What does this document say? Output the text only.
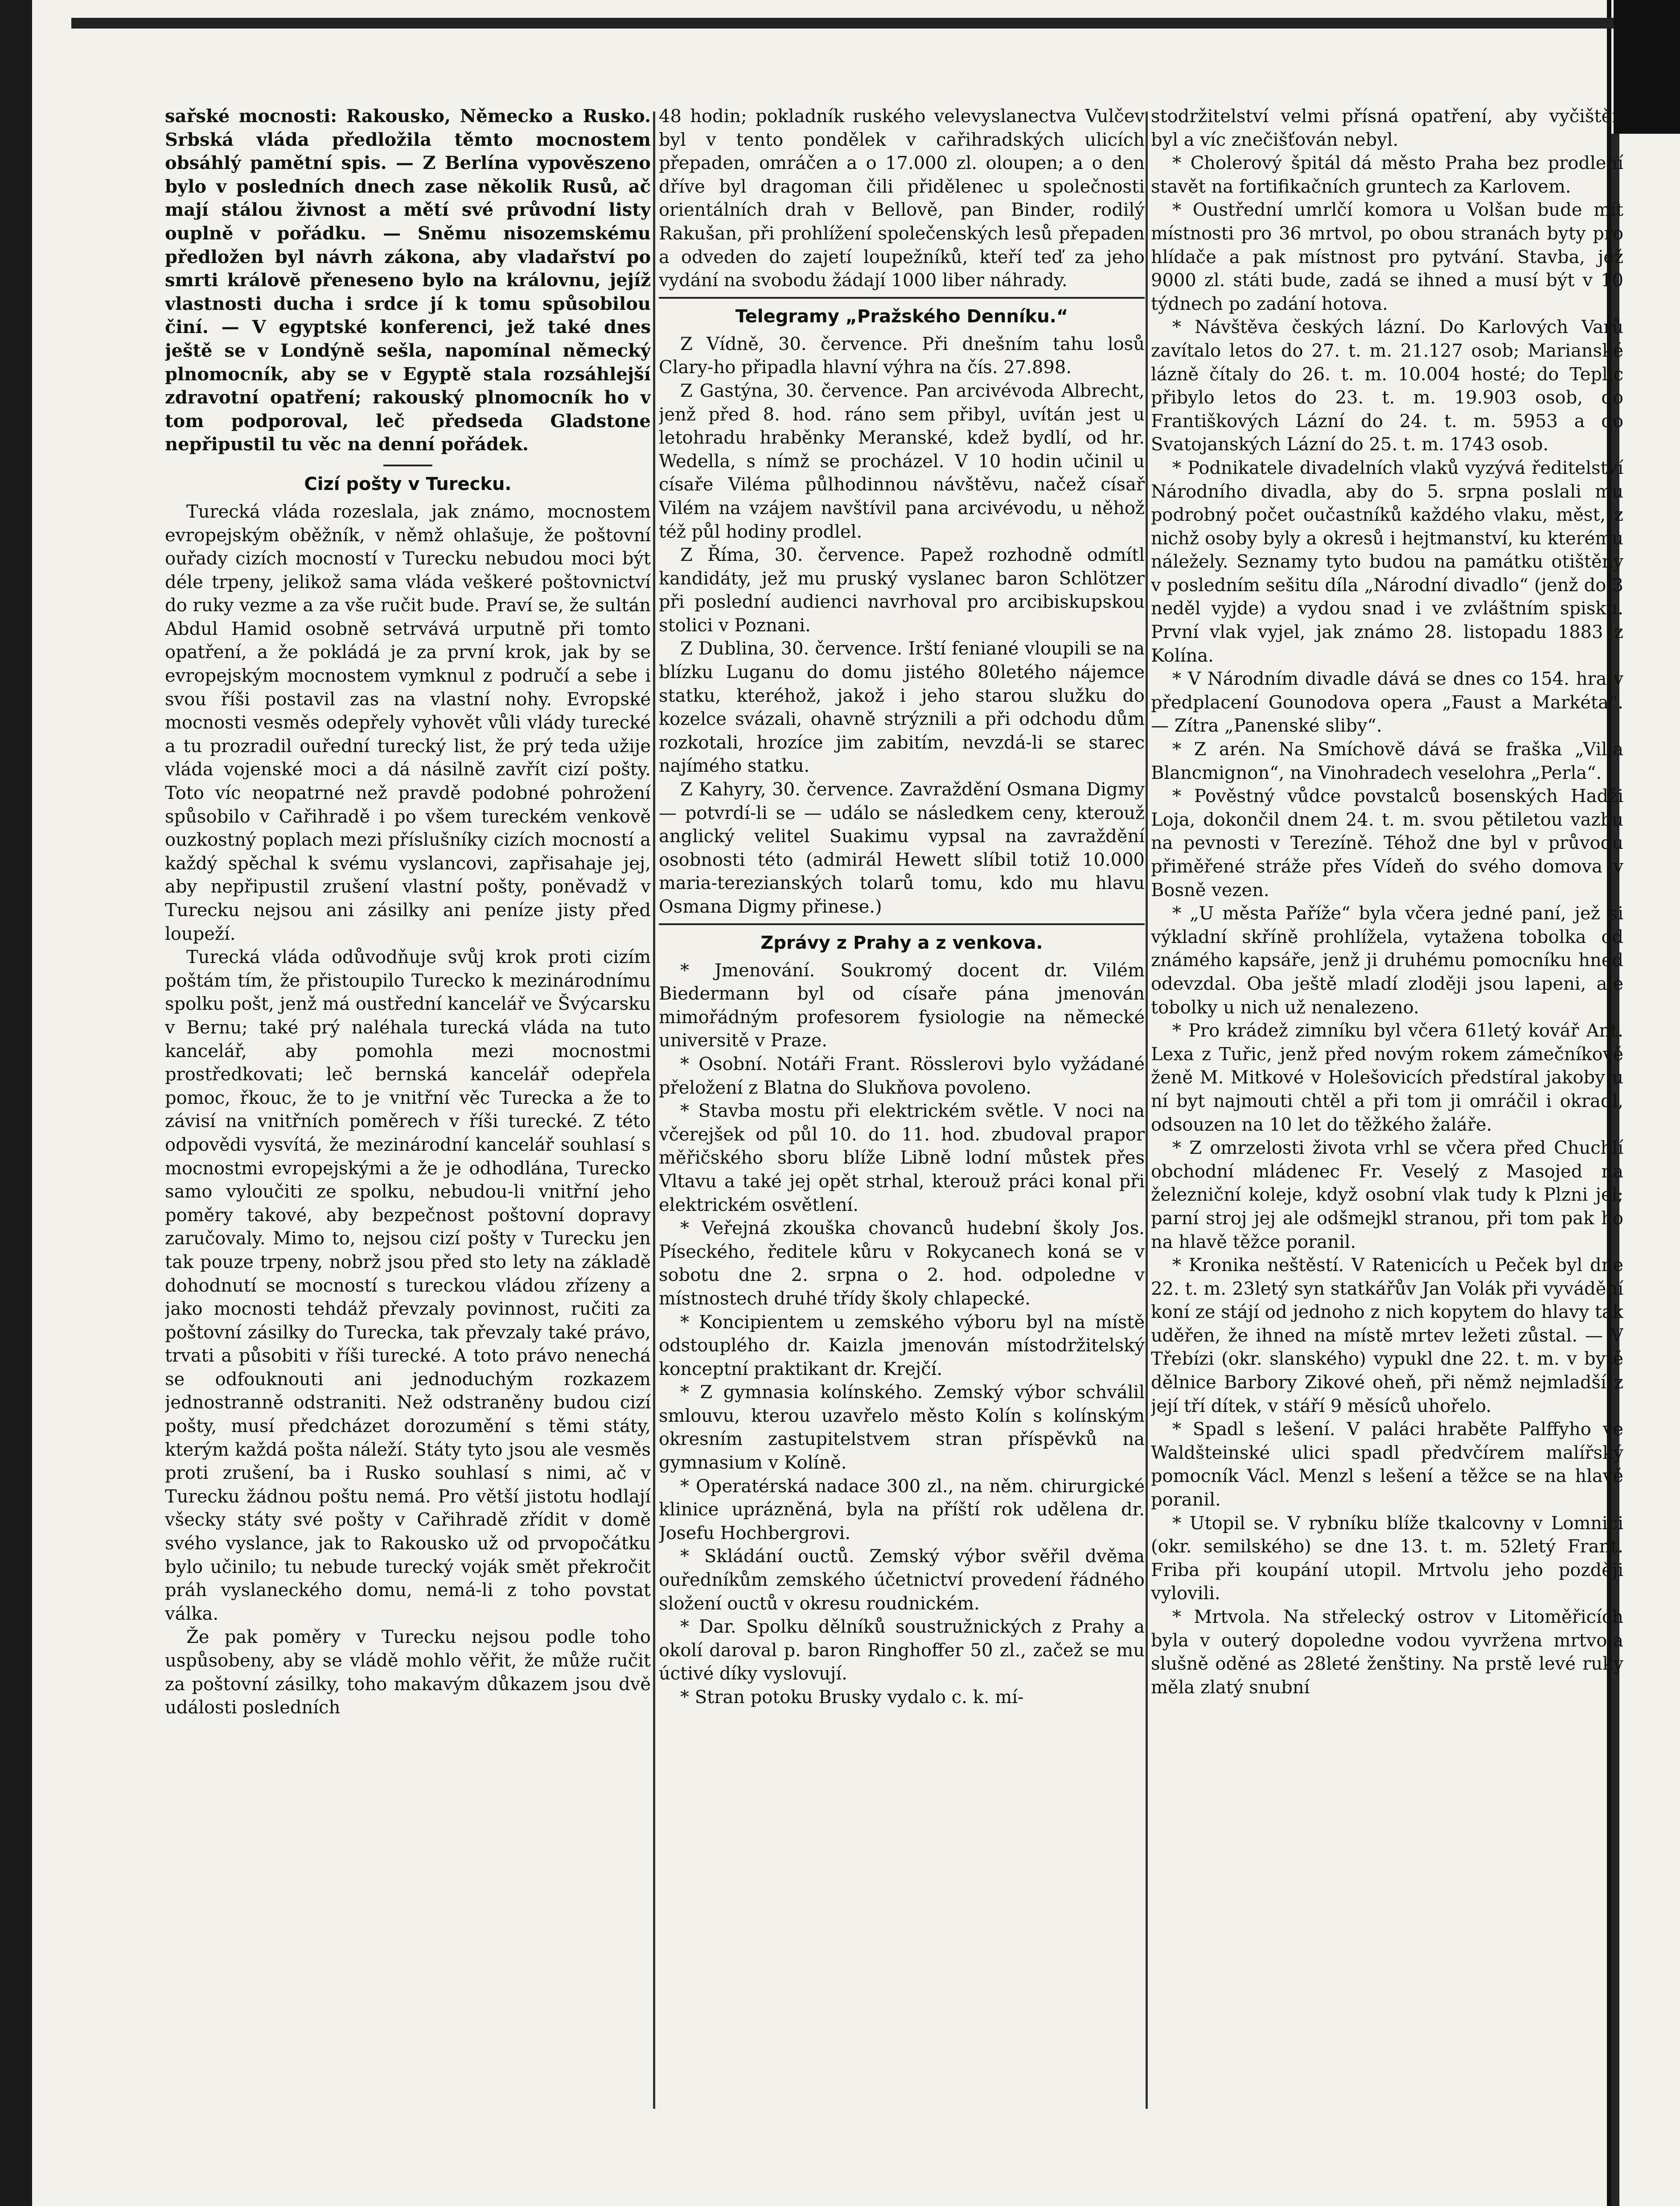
sařské mocnosti: Rakousko, Německo a Rusko. Srbská vláda předložila těmto mocnostem obsáhlý pamětní spis. — Z Berlína vypověszeno bylo v posledních dnech zase několik Rusů, ač mají stálou živnost a mětí své průvodní listy ouplně v pořádku. — Sněmu nisozemskému předložen byl návrh zákona, aby vladařství po smrti královĕ přeneseno bylo na královnu, jejíž vlastnosti ducha i srdce jí k tomu spůsobilou činí. — V egyptské konferenci, jež také dnes ještě se v Londýně sešla, napomínal německý plnomocník, aby se v Egyptě stala rozsáhlejší zdravotní opatření; rakouský plnomocník ho v tom podporoval, leč předseda Gladstone nepřipustil tu věc na denní pořádek.

Cizí pošty v Turecku.

Turecká vláda rozeslala, jak známo, mocnostem evropejským oběžník, v němž ohlašuje, že poštovní ouřady cizích mocností v Turecku nebudou moci být déle trpeny, jelikož sama vláda veškeré poštovnictví do ruky vezme a za vše ručit bude. Praví se, že sultán Abdul Hamid osobně setrvává urputně při tomto opatření, a že pokládá je za první krok, jak by se evropejským mocnostem vymknul z područí a sebe i svou říši postavil zas na vlastní nohy. Evropské mocnosti vesměs odepřely vyhovět vůli vlády turecké a tu prozradil ouřední turecký list, že prý teda užije vláda vojenské moci a dá násilně zavřít cizí pošty. Toto víc neopatrné než pravdě podobné pohrožení spůsobilo v Cařihradě i po všem tureckém venkově ouzkostný poplach mezi příslušníky cizích mocností a každý spěchal k svému vyslancovi, zapřisahaje jej, aby nepřipustil zrušení vlastní pošty, poněvadž v Turecku nejsou ani zásilky ani peníze jisty před loupeží.

Turecká vláda odůvodňuje svůj krok proti cizím poštám tím, že přistoupilo Turecko k mezinárodnímu spolku pošt, jenž má oustřední kancelář ve Švýcarsku v Bernu; také prý naléhala turecká vláda na tuto kancelář, aby pomohla mezi mocnostmi prostředkovati; leč bernská kancelář odepřela pomoc, řkouc, že to je vnitřní věc Turecka a že to závisí na vnitřních poměrech v říši turecké. Z této odpovědi vysvítá, že mezinárodní kancelář souhlasí s mocnostmi evropejskými a že je odhodlána, Turecko samo vyloučiti ze spolku, nebudou-li vnitřní jeho poměry takové, aby bezpečnost poštovní dopravy zaručovaly. Mimo to, nejsou cizí pošty v Turecku jen tak pouze trpeny, nobrž jsou před sto lety na základě dohodnutí se mocností s tureckou vládou zřízeny a jako mocnosti tehdáž převzaly povinnost, ručiti za poštovní zásilky do Turecka, tak převzaly také právo, trvati a působiti v říši turecké. A toto právo nenechá se odfouknouti ani jednoduchým rozkazem jednostranně odstraniti. Než odstraněny budou cizí pošty, musí předcházet dorozumění s těmi státy, kterým každá pošta náleží. Státy tyto jsou ale vesměs proti zrušení, ba i Rusko souhlasí s nimi, ač v Turecku žádnou poštu nemá. Pro větší jistotu hodlají všecky státy své pošty v Cařihradě zřídit v domě svého vyslance, jak to Rakousko už od prvopočátku bylo učinilo; tu nebude turecký voják smět překročit práh vyslaneckého domu, nemá-li z toho povstat válka.

Že pak poměry v Turecku nejsou podle toho uspůsobeny, aby se vládě mohlo věřit, že může ručit za poštovní zásilky, toho makavým důkazem jsou dvě události posledních

48 hodin; pokladník ruského velevyslanectva Vulčev byl v tento pondělek v cařihradských ulicích přepaden, omráčen a o 17.000 zl. oloupen; a o den dříve byl dragoman čili přidělenec u společnosti orientálních drah v Bellově, pan Binder, rodilý Rakušan, při prohlížení společenských lesů přepaden a odveden do zajetí loupežníků, kteří teď za jeho vydání na svobodu žádají 1000 liber náhrady.

Telegramy „Pražského Denníku.“

Z Vídně, 30. července. Při dnešním tahu losů Clary-ho připadla hlavní výhra na čís. 27.898.

Z Gastýna, 30. července. Pan arcivévoda Albrecht, jenž před 8. hod. ráno sem přibyl, uvítán jest u letohradu hraběnky Meranské, kdež bydlí, od hr. Wedella, s nímž se procházel. V 10 hodin učinil u císaře Viléma půlhodinnou návštěvu, načež císař Vilém na vzájem navštívil pana arcivévodu, u něhož též půl hodiny prodlel.

Z Říma, 30. července. Papež rozhodně odmítl kandidáty, jež mu pruský vyslanec baron Schlötzer při poslední audienci navrhoval pro arcibiskupskou stolici v Poznani.

Z Dublina, 30. července. Irští feniané vloupili se na blízku Luganu do domu jistého 80letého nájemce statku, kteréhož, jakož i jeho starou služku do kozelce svázali, ohavně strýznili a při odchodu dům rozkotali, hrozíce jim zabitím, nevzdá-li se starec najímého statku.

Z Kahyry, 30. července. Zavraždění Osmana Digmy — potvrdí-li se — událo se následkem ceny, kterouž anglický velitel Suakimu vypsal na zavraždění osobnosti této (admirál Hewett slíbil totiž 10.000 maria-terezianských tolarů tomu, kdo mu hlavu Osmana Digmy přinese.)

Zprávy z Prahy a z venkova.

* Jmenování. Soukromý docent dr. Vilém Biedermann byl od císaře pána jmenován mimořádným profesorem fysiologie na německé universitě v Praze.

* Osobní. Notáři Frant. Rösslerovi bylo vyžádané přeložení z Blatna do Slukňova povoleno.

* Stavba mostu při elektrickém světle. V noci na včerejšek od půl 10. do 11. hod. zbudoval prapor měřičského sboru blíže Libně lodní můstek přes Vltavu a také jej opět strhal, kterouž práci konal při elektrickém osvětlení.

* Veřejná zkouška chovanců hudební školy Jos. Píseckého, ředitele kůru v Rokycanech koná se v sobotu dne 2. srpna o 2. hod. odpoledne v místnostech druhé třídy školy chlapecké.

* Koncipientem u zemského výboru byl na místě odstouplého dr. Kaizla jmenován místodržitelský konceptní praktikant dr. Krejčí.

* Z gymnasia kolínského. Zemský výbor schválil smlouvu, kterou uzavřelo město Kolín s kolínským okresním zastupitelstvem stran příspěvků na gymnasium v Kolíně.

* Operatérská nadace 300 zl., na něm. chirurgické klinice uprázněná, byla na příští rok udělena dr. Josefu Hochbergrovi.

* Skládání ouctů. Zemský výbor svěřil dvěma ouředníkům zemského účetnictví provedení řádného složení ouctů v okresu roudnickém.

* Dar. Spolku dělníků soustružnických z Prahy a okolí daroval p. baron Ringhoffer 50 zl., začež se mu úctivé díky vyslovují.

* Stran potoku Brusky vydalo c. k. mí-

stodržitelství velmi přísná opatření, aby vyčištěn byl a víc znečišťován nebyl.

* Cholerový špitál dá město Praha bez prodlení stavět na fortifikačních gruntech za Karlovem.

* Oustřední umrlčí komora u Volšan bude mít místnosti pro 36 mrtvol, po obou stranách byty pro hlídače a pak místnost pro pytvání. Stavba, jež 9000 zl. státi bude, zadá se ihned a musí být v 10 týdnech po zadání hotova.

* Návštěva českých lázní. Do Karlových Varů zavítalo letos do 27. t. m. 21.127 osob; Marianské lázně čítaly do 26. t. m. 10.004 hosté; do Teplic přibylo letos do 23. t. m. 19.903 osob, do Františkových Lázní do 24. t. m. 5953 a do Svatojanských Lázní do 25. t. m. 1743 osob.

* Podnikatele divadelních vlaků vyzývá ředitelství Národního divadla, aby do 5. srpna poslali mu podrobný počet oučastníků každého vlaku, měst, z nichž osoby byly a okresů i hejtmanství, ku kterému náležely. Seznamy tyto budou na památku otištěny v posledním sešitu díla „Národní divadlo“ (jenž do 3 neděl vyjde) a vydou snad i ve zvláštním spisku. První vlak vyjel, jak známo 28. listopadu 1883 z Kolína.

* V Národním divadle dává se dnes co 154. hra v předplacení Gounodova opera „Faust a Markéta“. — Zítra „Panenské sliby“.

* Z arén. Na Smíchově dává se fraška „Villa Blancmignon“, na Vinohradech veselohra „Perla“.

* Pověstný vůdce povstalců bosenských Hadži Loja, dokončil dnem 24. t. m. svou pětiletou vazbu na pevnosti v Terezíně. Téhož dne byl v průvodu přiměřené stráže přes Vídeň do svého domova v Bosně vezen.

* „U města Paříže“ byla včera jedné paní, jež si výkladní skříně prohlížela, vytažena tobolka od známého kapsáře, jenž ji druhému pomocníku hned odevzdal. Oba ještě mladí zloději jsou lapeni, ale tobolky u nich už nenalezeno.

* Pro krádež zimníku byl včera 61letý kovář Ant. Lexa z Tuřic, jenž před novým rokem zámečníkově ženě M. Mitkové v Holešovicích předstíral jakoby u ní byt najmouti chtěl a při tom ji omráčil i okradl, odsouzen na 10 let do těžkého žaláře.

* Z omrzelosti života vrhl se včera před Chuchlí obchodní mládenec Fr. Veselý z Masojed na železniční koleje, když osobní vlak tudy k Plzni jel; parní stroj jej ale odšmejkl stranou, při tom pak ho na hlavě těžce poranil.

* Kronika neštěstí. V Ratenicích u Peček byl dne 22. t. m. 23letý syn statkářův Jan Volák při vyvádění koní ze stájí od jednoho z nich kopytem do hlavy tak uděřen, že ihned na místě mrtev ležeti zůstal. — V Třebízi (okr. slanského) vypukl dne 22. t. m. v bytě dělnice Barbory Zikové oheň, při němž nejmladší z její tří dítek, v stáří 9 měsíců uhořelo.

* Spadl s lešení. V paláci hraběte Palffyho ve Waldšteinské ulici spadl předvčírem malířský pomocník Václ. Menzl s lešení a těžce se na hlavě poranil.

* Utopil se. V rybníku blíže tkalcovny v Lomnici (okr. semilského) se dne 13. t. m. 52letý Frant. Friba při koupání utopil. Mrtvolu jeho později vylovili.

* Mrtvola. Na střelecký ostrov v Litoměřicích byla v outerý dopoledne vodou vyvržena mrtvola slušně oděné as 28leté ženštiny. Na prstě levé ruky měla zlatý snubní
